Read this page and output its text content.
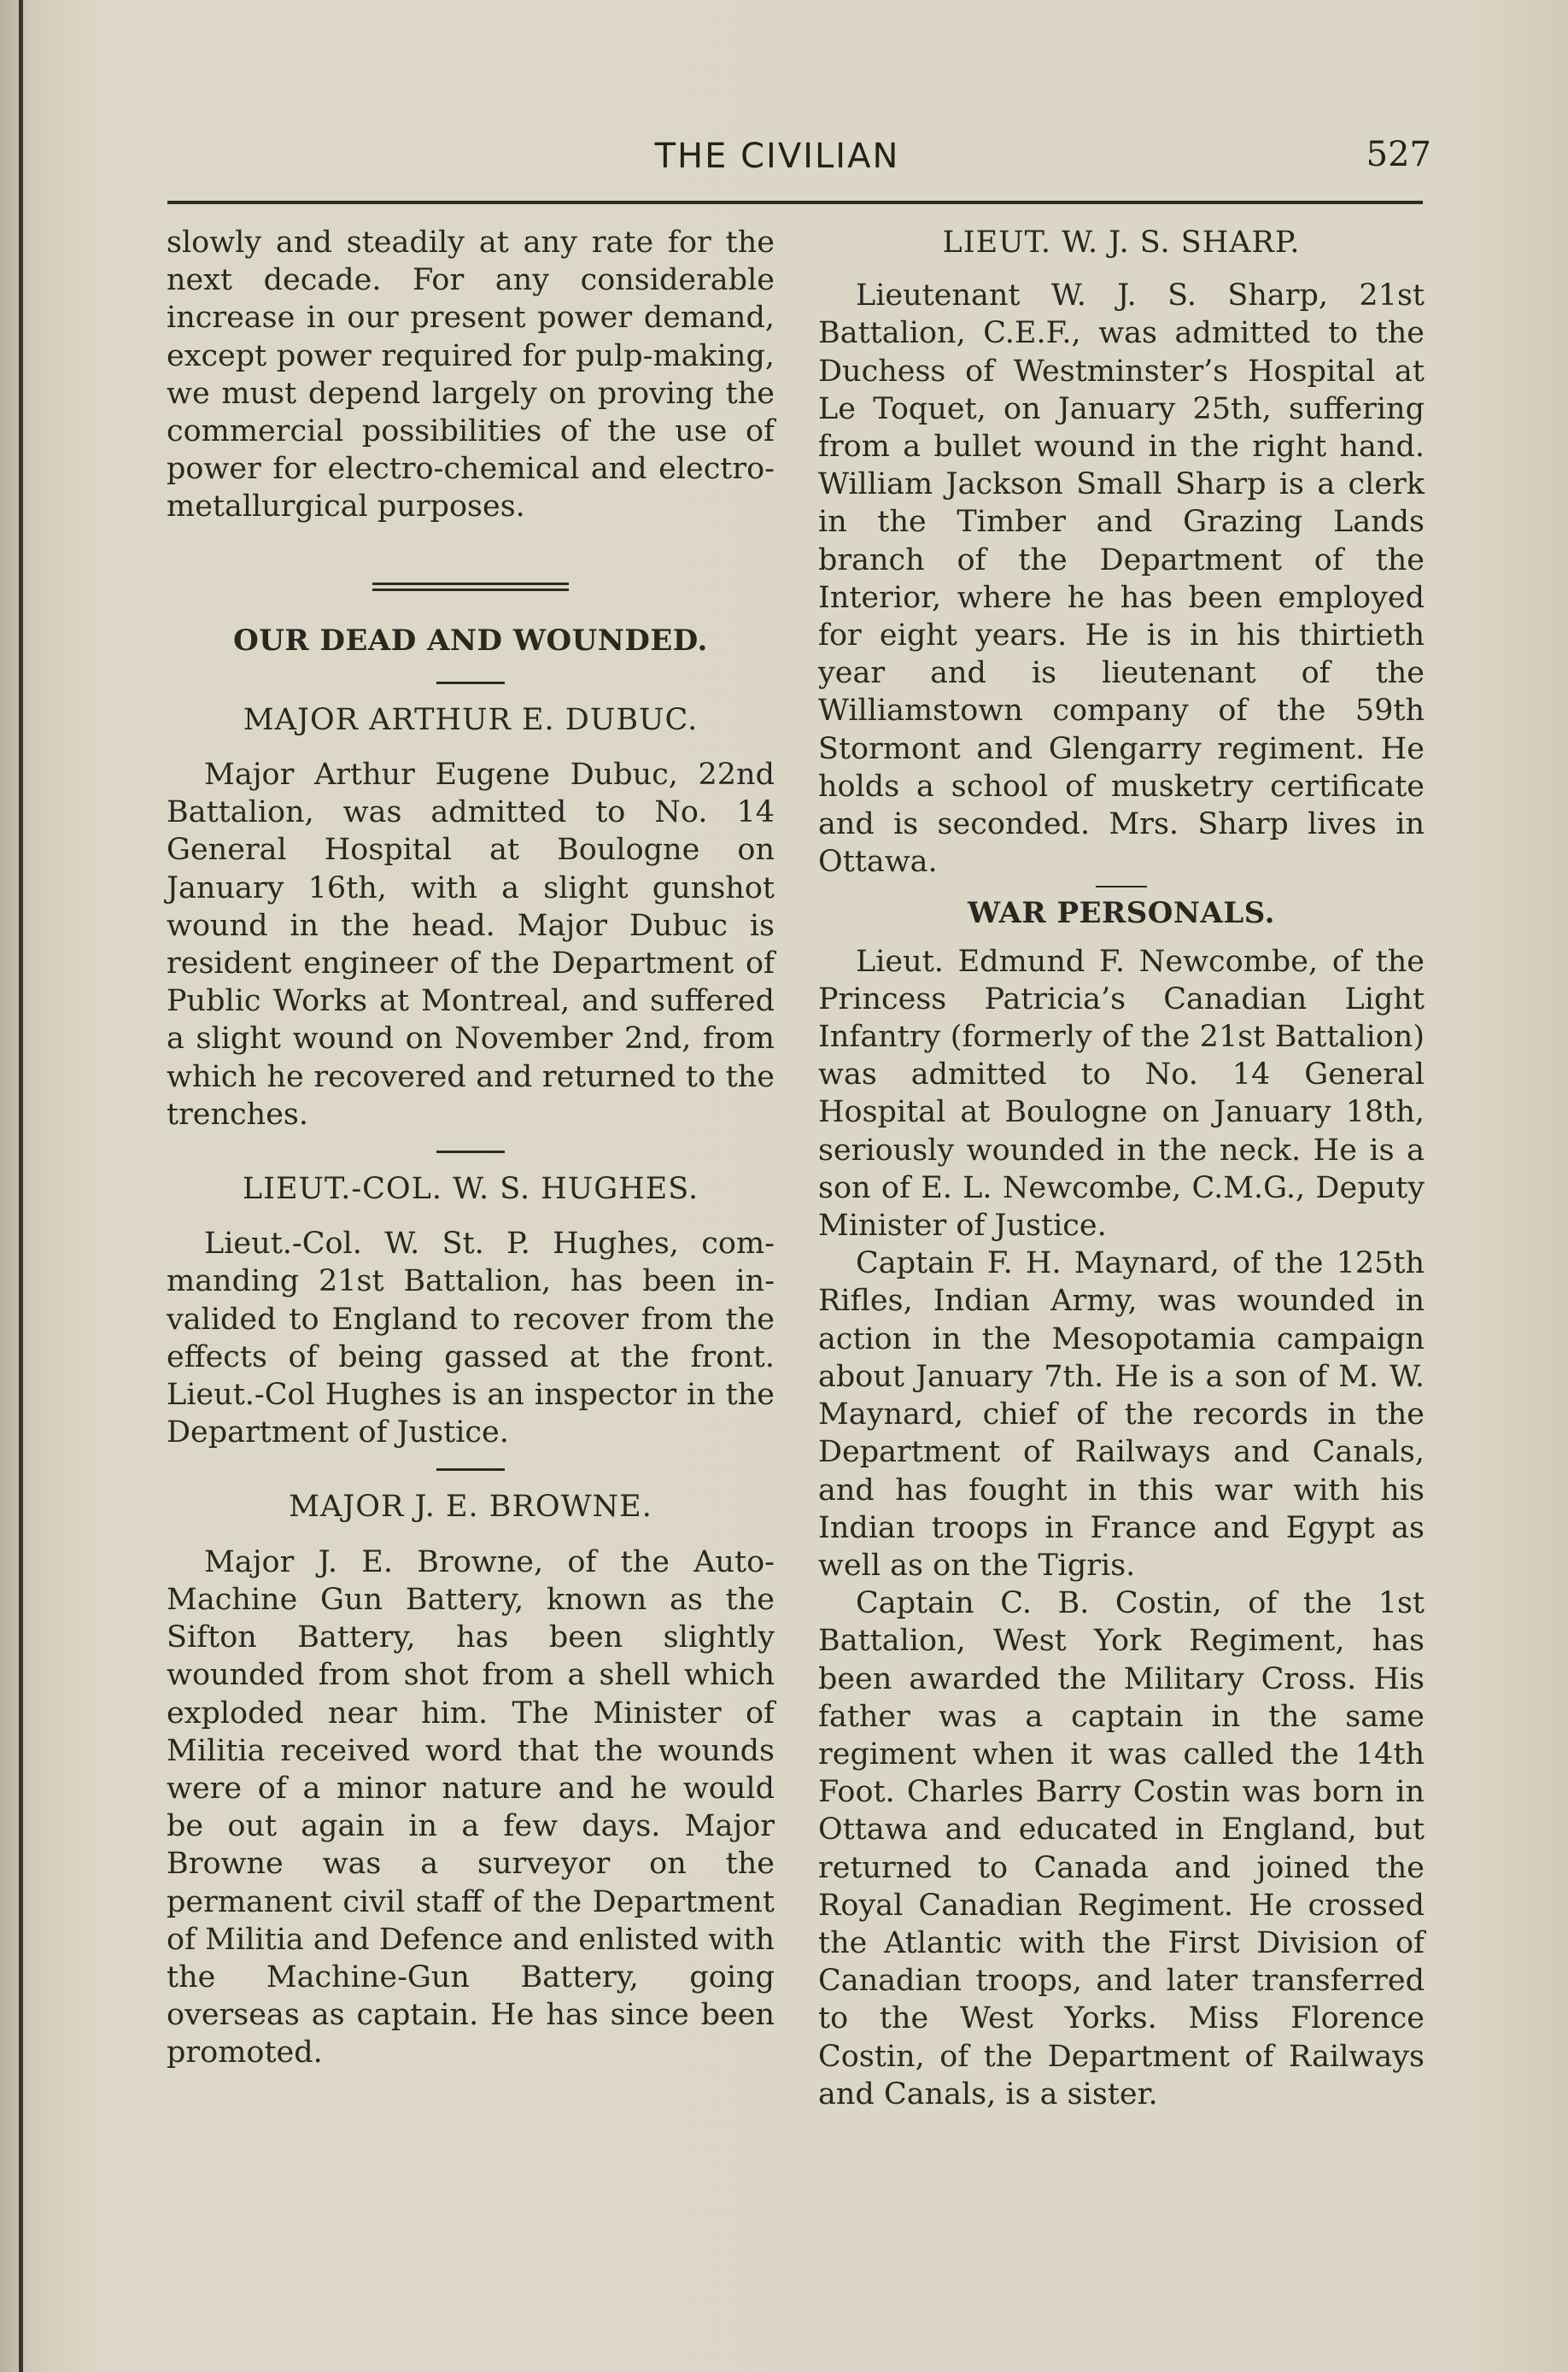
THE CIVILIAN	527

slowly and steadily at any rate for the next decade. For any considerable increase in our present power demand, except power required for pulp-making, we must depend largely on proving the commercial possibilities of the use of power for electro-chemical and electro-metallurgical purposes.

OUR DEAD AND WOUNDED.

MAJOR ARTHUR E. DUBUC.

Major Arthur Eugene Dubuc, 22nd Battalion, was admitted to No. 14 General Hospital at Boulogne on January 16th, with a slight gunshot wound in the head. Major Dubuc is resident engineer of the Department of Public Works at Montreal, and suffered a slight wound on November 2nd, from which he recovered and returned to the trenches.

LIEUT.-COL. W. S. HUGHES.

Lieut.-Col. W. St. P. Hughes, commanding 21st Battalion, has been invalided to England to recover from the effects of being gassed at the front. Lieut.-Col Hughes is an inspector in the Department of Justice.

MAJOR J. E. BROWNE.

Major J. E. Browne, of the Auto-Machine Gun Battery, known as the Sifton Battery, has been slightly wounded from shot from a shell which exploded near him. The Minister of Militia received word that the wounds were of a minor nature and he would be out again in a few days. Major Browne was a surveyor on the permanent civil staff of the Department of Militia and Defence and enlisted with the Machine-Gun Battery, going overseas as captain. He has since been promoted.

LIEUT. W. J. S. SHARP.

Lieutenant W. J. S. Sharp, 21st Battalion, C.E.F., was admitted to the Duchess of Westminster’s Hospital at Le Toquet, on January 25th, suffering from a bullet wound in the right hand. William Jackson Small Sharp is a clerk in the Timber and Grazing Lands branch of the Department of the Interior, where he has been employed for eight years. He is in his thirtieth year and is lieutenant of the Williamstown company of the 59th Stormont and Glengarry regiment. He holds a school of musketry certificate and is seconded. Mrs. Sharp lives in Ottawa.

WAR PERSONALS.

Lieut. Edmund F. Newcombe, of the Princess Patricia’s Canadian Light Infantry (formerly of the 21st Battalion) was admitted to No. 14 General Hospital at Boulogne on January 18th, seriously wounded in the neck. He is a son of E. L. Newcombe, C.M.G., Deputy Minister of Justice.

Captain F. H. Maynard, of the 125th Rifles, Indian Army, was wounded in action in the Mesopotamia campaign about January 7th. He is a son of M. W. Maynard, chief of the records in the Department of Railways and Canals, and has fought in this war with his Indian troops in France and Egypt as well as on the Tigris.

Captain C. B. Costin, of the 1st Battalion, West York Regiment, has been awarded the Military Cross. His father was a captain in the same regiment when it was called the 14th Foot. Charles Barry Costin was born in Ottawa and educated in England, but returned to Canada and joined the Royal Canadian Regiment. He crossed the Atlantic with the First Division of Canadian troops, and later transferred to the West Yorks. Miss Florence Costin, of the Department of Railways and Canals, is a sister.
